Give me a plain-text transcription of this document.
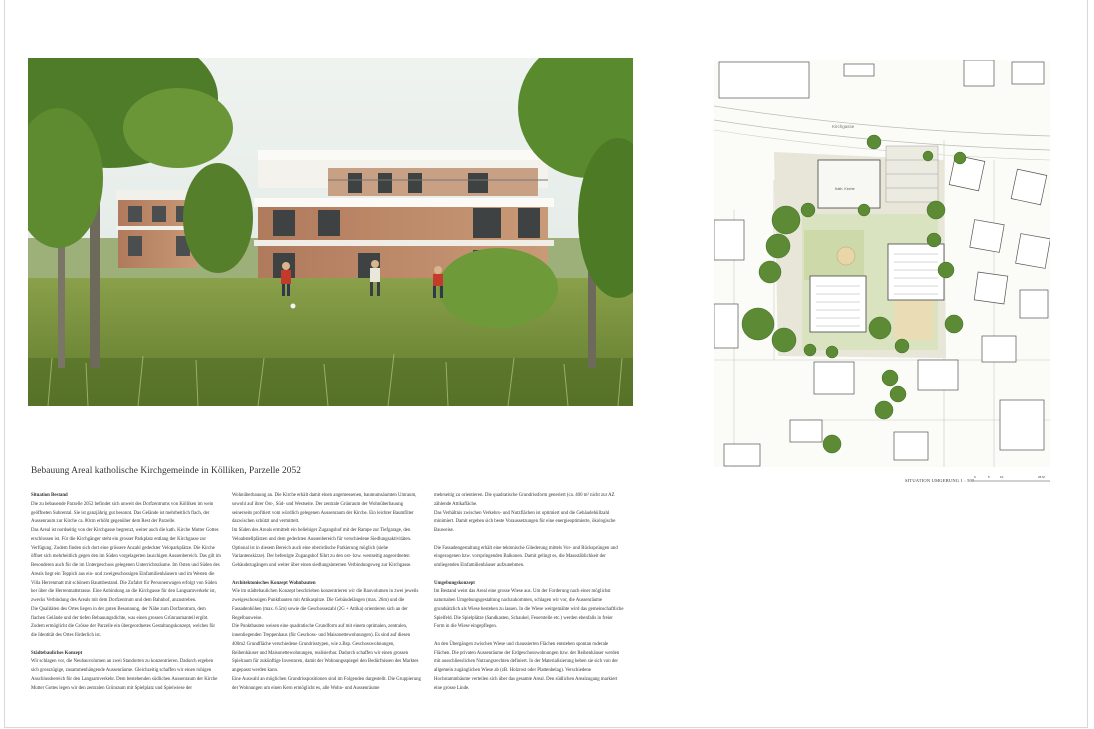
Kirchgasse
Kath. Kirche
SITUATION UMGEBUNG 1 : 500
0	5	10	25 M
Bebauung Areal katholische Kirchgemeinde in Kölliken, Parzelle 2052
Situation Bestand

Die zu bebauende Parzelle 2052 befindet sich unweit des Dorfzentrums von Kölliken im wein geöffneten Suhrental. Sie ist ganzjährig gut besonnt. Das Gelände ist mehrheitlich flach, der Aussenraum zur Kirche ca. 80cm erhöht gegenüber dem Rest der Parzelle.

Das Areal ist nordseitig von der Kirchgasse begrenzt, weiter auch die kath. Kirche Mutter Gottes erschlossen ist. Für die Kirchgänger steht ein grosser Parkplatz entlang der Kirchgasse zur Verfügung. Zudem finden sich dort eine grössere Anzahl gedeckter Veloparkplätze. Die Kirche öffnet sich mehrheitlich gegen den im Süden vorgelagerten lauschigen Aussenbereich. Das gilt im Besonderen auch für die im Untergeschoss gelegenen Unterrichtsräume. Im Osten und Süden des Areals liegt ein Teppich aus ein- und zweigeschossigen Einfamilienhäusern und im Westen die Villa Herrenmatt mit schönem Baumbestand. Die Zufahrt für Personenwagen erfolgt von Süden her über die Herrenmattstrasse. Eine Anbindung an die Kirchgasse für den Langsamverkehr ist, zwecks Verbindung des Areals mit dem Dorfzentrum und dem Bahnhof, anzustreben.

Die Qualitäten des Ortes liegen in der guten Besonnung, der Nähe zum Dorfzentrum, dem flachen Gelände und der tiefen Bebauungsdichte, was einen grossen Grünraumanteil ergibt. Zudem ermöglicht die Grösse der Parzelle ein übergeordnetes Gestaltungskonzept, welches für die Identität des Ortes förderlich ist.

Städtebauliches Konzept

Wir schlagen vor, die Neubauvolumen an zwei Standorten zu konzentrieren. Dadurch ergeben sich grosszügige, zusammenhängende Aussenräume. Gleichzeitig schaffen wir einen ruhigen Anschlussbereich für den Langsamverkehr. Dem bestehenden südlichen Aussenraum der Kirche Mutter Gottes legen wir den zentralen Grünraum mit Spielplatz und Spielwiese der

Wohnüberbauung an. Die Kirche erhält damit einen angemessenen, baumumsäumten Umraum, sowohl auf ihrer Ost-, Süd- und Westseite. Der zentrale Grünraum der Wohnüberbauung seinerseits profitiert vom würdlich gelegenen Aussenraum der Kirche. Ein leichter Baumfilter dazwischen schützt und vermittelt.

Im Süden des Areals ermittelt ein beliebiger Zugangshof mit der Rampe zur Tiefgarage, den Veloabstellplätzen und dem gedeckten Aussenbereich für verschiedene Siedlungsaktivitäten. Optional ist in diesem Bereich auch eine oberirdische Parkierung möglich (siehe Variantenskizze). Der befestigte Zugangshof führt zu den ost- bzw. westseitig angeordneten Gebäudezugängen und weiter über einen siedlungsinternen Verbindungsweg zur Kirchgasse.

Architektonisches Konzept Wohnbauten

Wie im städtebaulichen Konzept beschrieben konzentrieren wir die Bauvolumen in zwei jeweils zweigeschossigen Punktbauten mit Attikaspitze. Die Gebäudelängen (max. 26m) und die Fassadenhöhen (max. 6.5m) sowie die Geschossezahl (2G + Attika) orientieren sich an der Regelbauweise.

Die Punktbauten weisen eine quadratische Grundform auf mit einem optimalen, zentralen, innenliegenden Treppenhaus (für Geschoss- und Maisonettewohnungen). Es sind auf diesen 400m2 Grundfläche verschiedene Grundrisstypen, wie z.Bsp. Geschosswohnungen, Reihenhäuser und Maisonettewohnungen, realisierbar. Dadurch schaffen wir einen grossen Spielraum für zukünftige Investoren, damit der Wohnungsspiegel den Bedürfnissen des Marktes angepasst werden kann.

Eine Auswahl an möglichen Grundrisspositionen sind im Folgenden dargestellt. Die Gruppierung der Wohnungen um einen Kern ermöglicht es, alle Wohn- und Aussenräume

mehrseitig zu orientieren. Die quadratische Grundrissform generiert (ca. 400 m² nicht zur AZ zählende Attikafläche.

Das Verhältnis zwischen Verkehrs- und Nutzflächen ist optimiert und die Gebäudehüllzahl minimiert. Damit ergeben sich beste Voraussetzungen für eine energieoptimierte, ökologische Bauweise.

Die Fassadengestaltung erhält eine tektonische Gliederung mittels Vor- und Rücksprüngen und eingezogenen bzw. vorspringenden Balkonen. Damit gelingt es, die Massstäblichkeit der umliegenden Einfamilienhäuser aufzunehmen.

Umgebungskonzept

Im Bestand weist das Areal eine grosse Wiese aus. Um der Forderung nach einer möglichst naturnahen Umgebungsgestaltung nachzukommen, schlagen wir vor, die Aussenräume grundsätzlich als Wiese bestehen zu lassen. In die Wiese weitgemähte wird das gemeinschaftliche Spielfeld. Die Spielplätze (Sandkasten, Schaukel, Feuerstelle etc.) werden ebenfalls in freier Form in die Wiese eingepflegen.

An den Übergängen zwischen Wiese und chaussierten Flächen entstehen spontan ruderale Flächen. Die privaten Aussenräume der Erdgeschosswohnungen bzw. der Reihenhäuser werden mit ausschliesslichen Nutzungsrechten definiert. In der Materialisierung heben sie sich von der allgemein zugänglichen Wiese ab (zB. Holzrost oder Plattenbelag). Verschiedene Hochstammbäume verteilen sich über das gesamte Areal. Den südlichen Arealzugang markiert eine grosse Linde.
